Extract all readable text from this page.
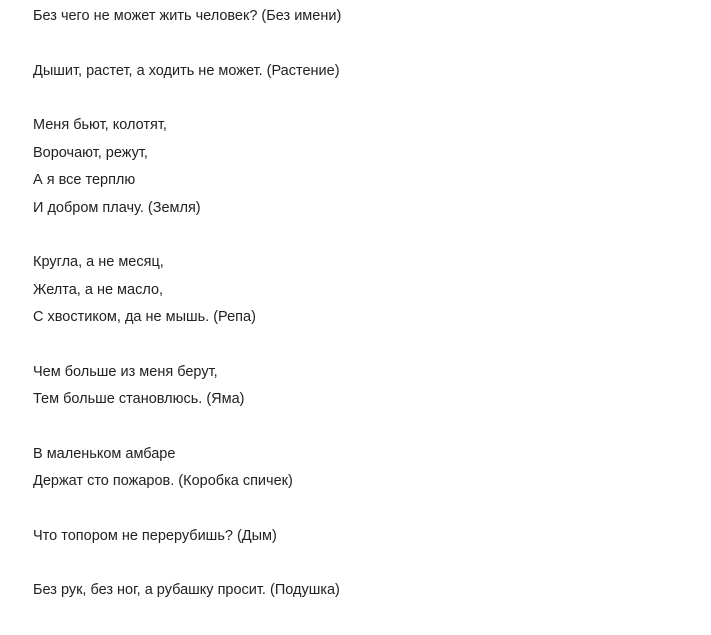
Без чего не может жить человек? (Без имени)
Дышит, растет, а ходить не может. (Растение)
Меня бьют, колотят,
Ворочают, режут,
А я все терплю
И добром плачу. (Земля)
Кругла, а не месяц,
Желта, а не масло,
С хвостиком, да не мышь. (Репа)
Чем больше из меня берут,
Тем больше становлюсь. (Яма)
В маленьком амбаре
Держат сто пожаров. (Коробка спичек)
Что топором не перерубишь? (Дым)
Без рук, без ног, а рубашку просит. (Подушка)
